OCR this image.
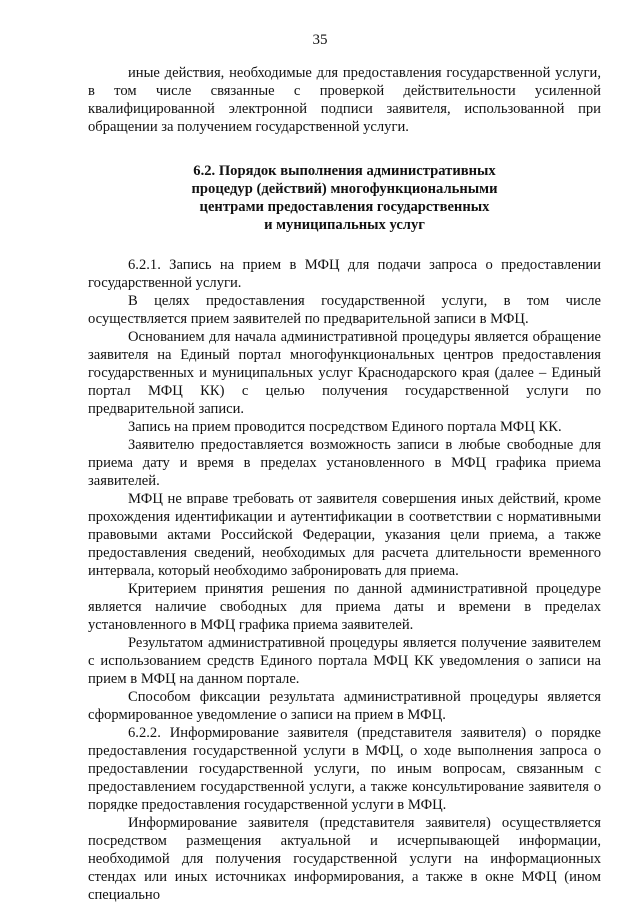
35

иные действия, необходимые для предоставления государственной услуги, в том числе связанные с проверкой действительности усиленной квалифицированной электронной подписи заявителя, использованной при обращении за получением государственной услуги.

6.2. Порядок выполнения административных
процедур (действий) многофункциональными
центрами предоставления государственных
и муниципальных услуг

6.2.1. Запись на прием в МФЦ для подачи запроса о предоставлении государственной услуги.

В целях предоставления государственной услуги, в том числе осуществляется прием заявителей по предварительной записи в МФЦ.

Основанием для начала административной процедуры является обращение заявителя на Единый портал многофункциональных центров предоставления государственных и муниципальных услуг Краснодарского края (далее – Единый портал МФЦ КК) с целью получения государственной услуги по предварительной записи.

Запись на прием проводится посредством Единого портала МФЦ КК.

Заявителю предоставляется возможность записи в любые свободные для приема дату и время в пределах установленного в МФЦ графика приема заявителей.

МФЦ не вправе требовать от заявителя совершения иных действий, кроме прохождения идентификации и аутентификации в соответствии с нормативными правовыми актами Российской Федерации, указания цели приема, а также предоставления сведений, необходимых для расчета длительности временного интервала, который необходимо забронировать для приема.

Критерием принятия решения по данной административной процедуре является наличие свободных для приема даты и времени в пределах установленного в МФЦ графика приема заявителей.

Результатом административной процедуры является получение заявителем с использованием средств Единого портала МФЦ КК уведомления о записи на прием в МФЦ на данном портале.

Способом фиксации результата административной процедуры является сформированное уведомление о записи на прием в МФЦ.

6.2.2. Информирование заявителя (представителя заявителя) о порядке предоставления государственной услуги в МФЦ, о ходе выполнения запроса о предоставлении государственной услуги, по иным вопросам, связанным с предоставлением государственной услуги, а также консультирование заявителя о порядке предоставления государственной услуги в МФЦ.

Информирование заявителя (представителя заявителя) осуществляется посредством размещения актуальной и исчерпывающей информации, необходимой для получения государственной услуги на информационных стендах или иных источниках информирования, а также в окне МФЦ (ином специально
